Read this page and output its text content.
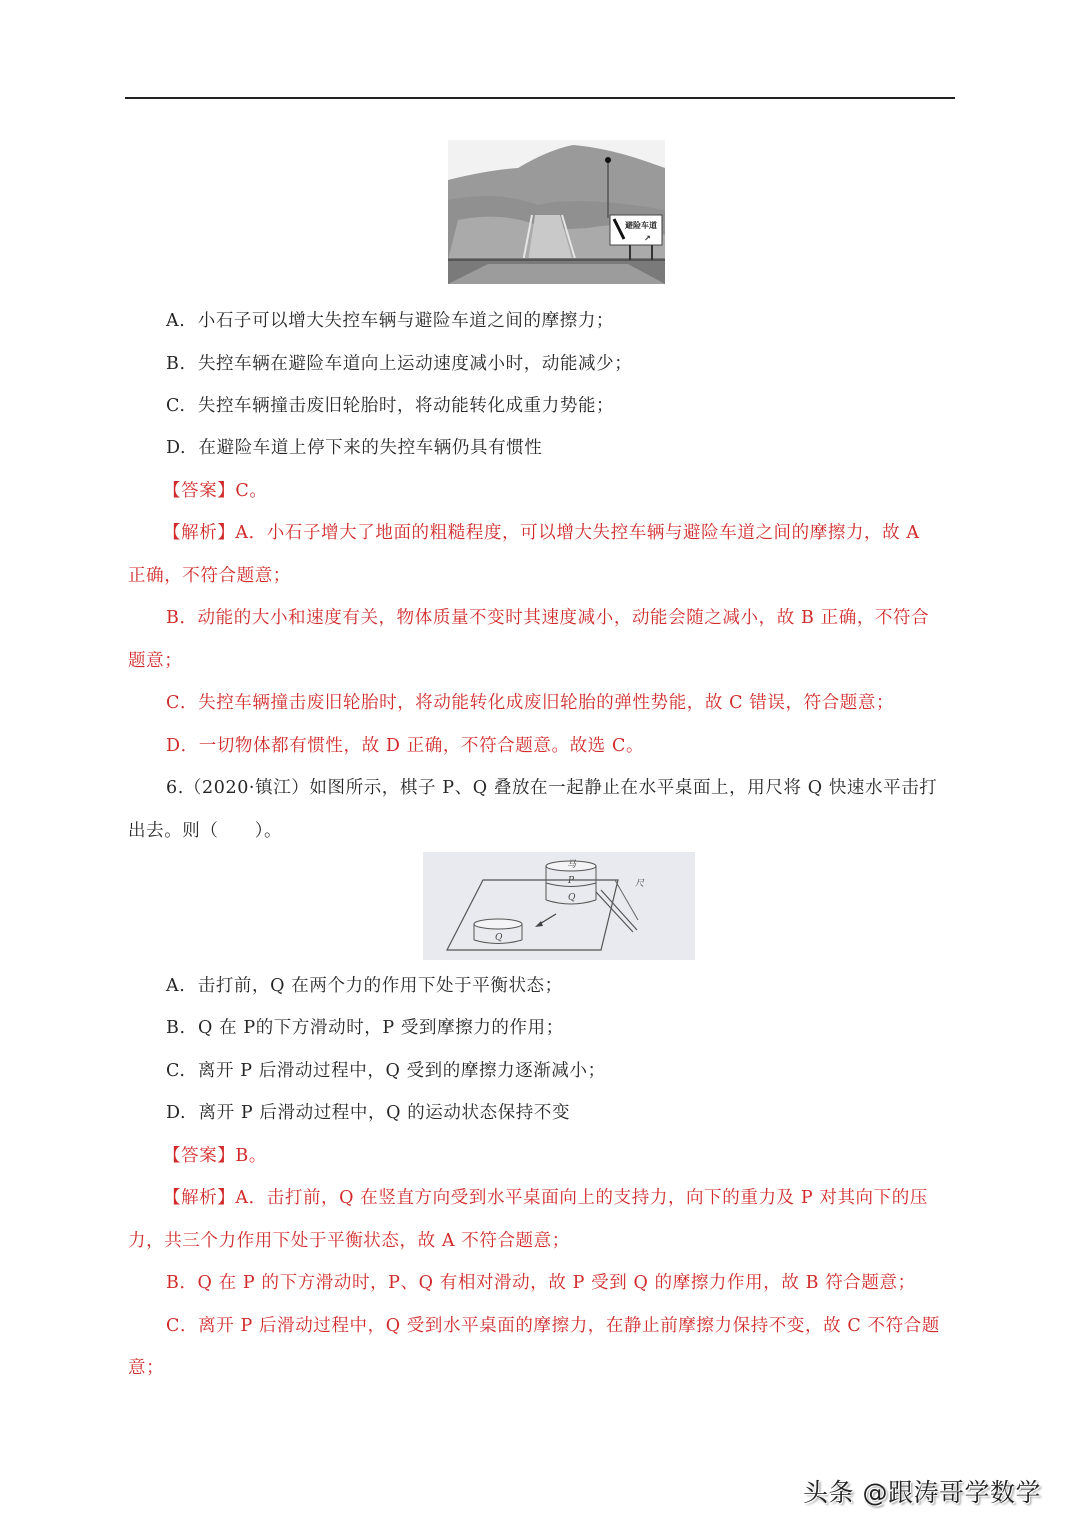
避险车道
↗
A. 小石子可以增大失控车辆与避险车道之间的摩擦力；
B. 失控车辆在避险车道向上运动速度减小时，动能减少；
C. 失控车辆撞击废旧轮胎时，将动能转化成重力势能；
D. 在避险车道上停下来的失控车辆仍具有惯性
【答案】C。
【解析】A．小石子增大了地面的粗糙程度，可以增大失控车辆与避险车道之间的摩擦力，故 A
正确，不符合题意；
B．动能的大小和速度有关，物体质量不变时其速度减小，动能会随之减小，故 B 正确，不符合
题意；
C．失控车辆撞击废旧轮胎时，将动能转化成废旧轮胎的弹性势能，故 C 错误，符合题意；
D．一切物体都有惯性，故 D 正确，不符合题意。故选 C。
6.（2020·镇江）如图所示，棋子 P、Q 叠放在一起静止在水平桌面上，用尺将 Q 快速水平击打
出去。则（　　）。
马
P
Q
尺
Q
A. 击打前，Q 在两个力的作用下处于平衡状态；
B. Q 在 P的下方滑动时，P 受到摩擦力的作用；
C. 离开 P 后滑动过程中，Q 受到的摩擦力逐渐减小；
D. 离开 P 后滑动过程中，Q 的运动状态保持不变
【答案】B。
【解析】A．击打前，Q 在竖直方向受到水平桌面向上的支持力，向下的重力及 P 对其向下的压
力，共三个力作用下处于平衡状态，故 A 不符合题意；
B．Q 在 P 的下方滑动时，P、Q 有相对滑动，故 P 受到 Q 的摩擦力作用，故 B 符合题意；
C．离开 P 后滑动过程中，Q 受到水平桌面的摩擦力，在静止前摩擦力保持不变，故 C 不符合题
意；
头条 @跟涛哥学数学
